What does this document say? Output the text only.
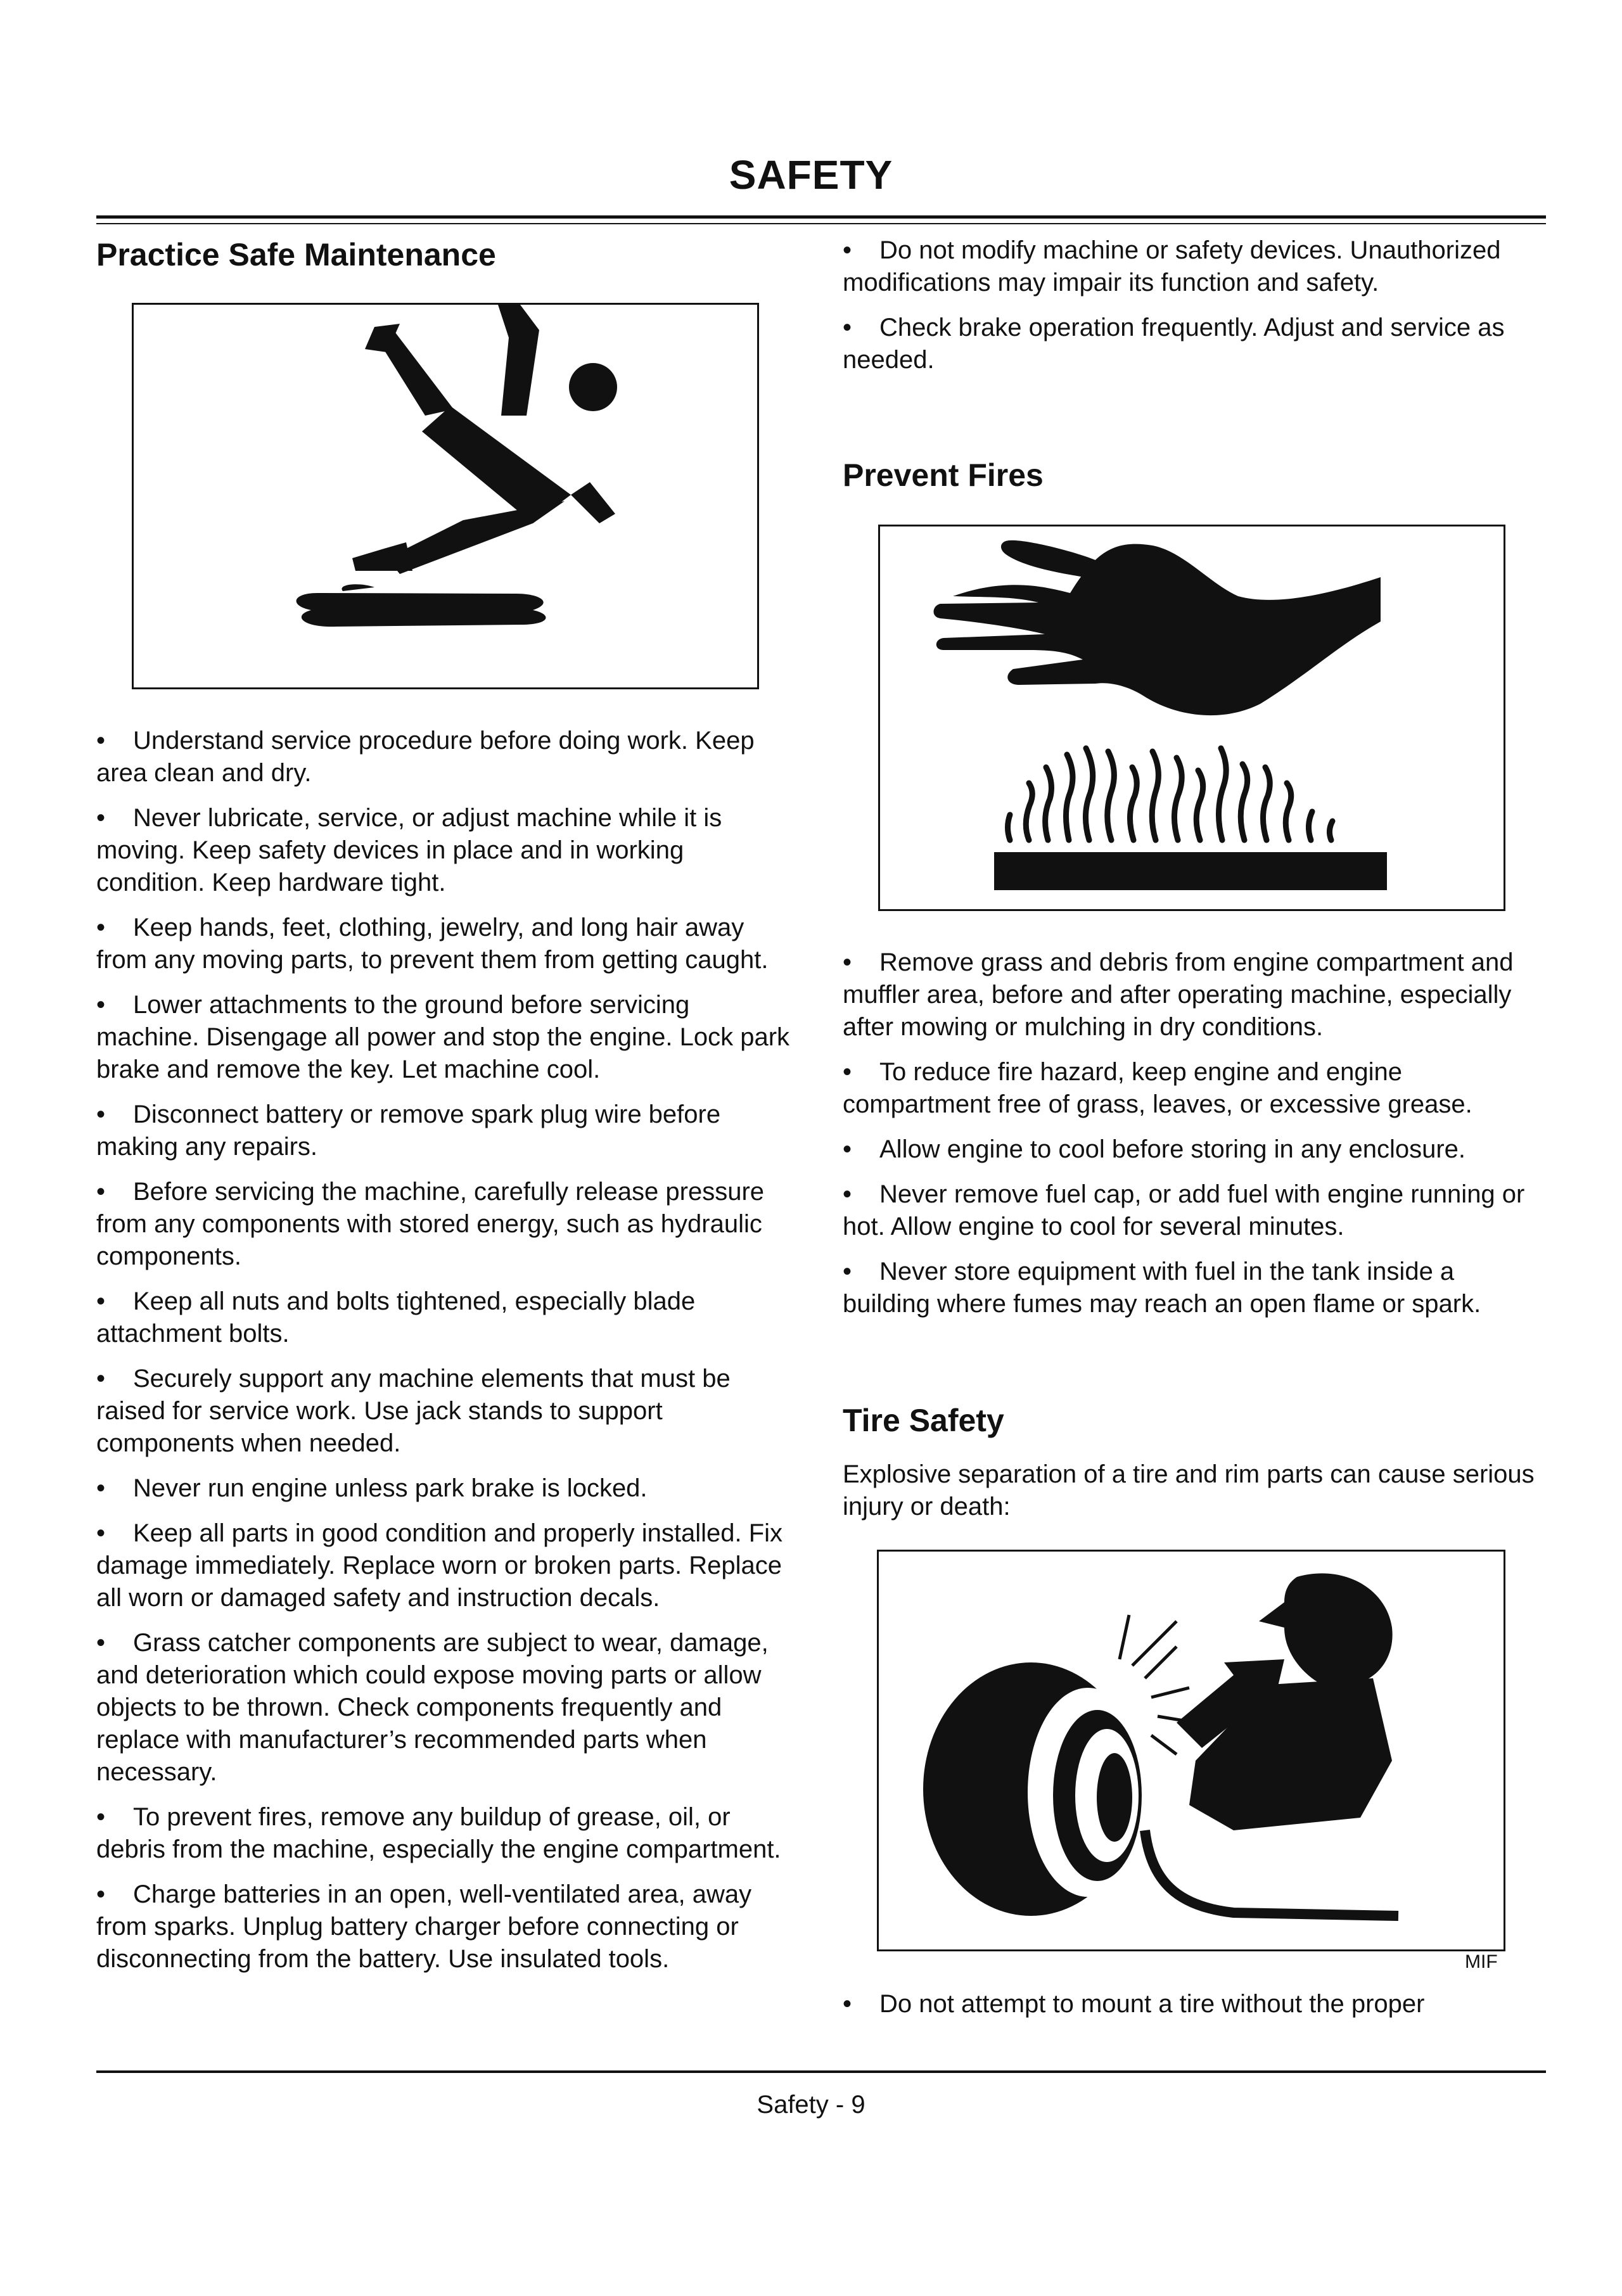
SAFETY
Practice Safe Maintenance

• Understand service procedure before doing work. Keep area clean and dry.

• Never lubricate, service, or adjust machine while it is moving. Keep safety devices in place and in working condition. Keep hardware tight.

• Keep hands, feet, clothing, jewelry, and long hair away from any moving parts, to prevent them from getting caught.

• Lower attachments to the ground before servicing machine. Disengage all power and stop the engine. Lock park brake and remove the key. Let machine cool.

• Disconnect battery or remove spark plug wire before making any repairs.

• Before servicing the machine, carefully release pressure from any components with stored energy, such as hydraulic components.

• Keep all nuts and bolts tightened, especially blade attachment bolts.

• Securely support any machine elements that must be raised for service work. Use jack stands to support components when needed.

• Never run engine unless park brake is locked.

• Keep all parts in good condition and properly installed. Fix damage immediately. Replace worn or broken parts. Replace all worn or damaged safety and instruction decals.

• Grass catcher components are subject to wear, damage, and deterioration which could expose moving parts or allow objects to be thrown. Check components frequently and replace with manufacturer’s recommended parts when necessary.

• To prevent fires, remove any buildup of grease, oil, or debris from the machine, especially the engine compartment.

• Charge batteries in an open, well-ventilated area, away from sparks. Unplug battery charger before connecting or disconnecting from the battery. Use insulated tools.

• Do not modify machine or safety devices. Unauthorized modifications may impair its function and safety.

• Check brake operation frequently. Adjust and service as needed.

Prevent Fires

• Remove grass and debris from engine compartment and muffler area, before and after operating machine, especially after mowing or mulching in dry conditions.

• To reduce fire hazard, keep engine and engine compartment free of grass, leaves, or excessive grease.

• Allow engine to cool before storing in any enclosure.

• Never remove fuel cap, or add fuel with engine running or hot. Allow engine to cool for several minutes.

• Never store equipment with fuel in the tank inside a building where fumes may reach an open flame or spark.

Tire Safety

Explosive separation of a tire and rim parts can cause serious injury or death:

MIF

• Do not attempt to mount a tire without the proper

Safety - 9
